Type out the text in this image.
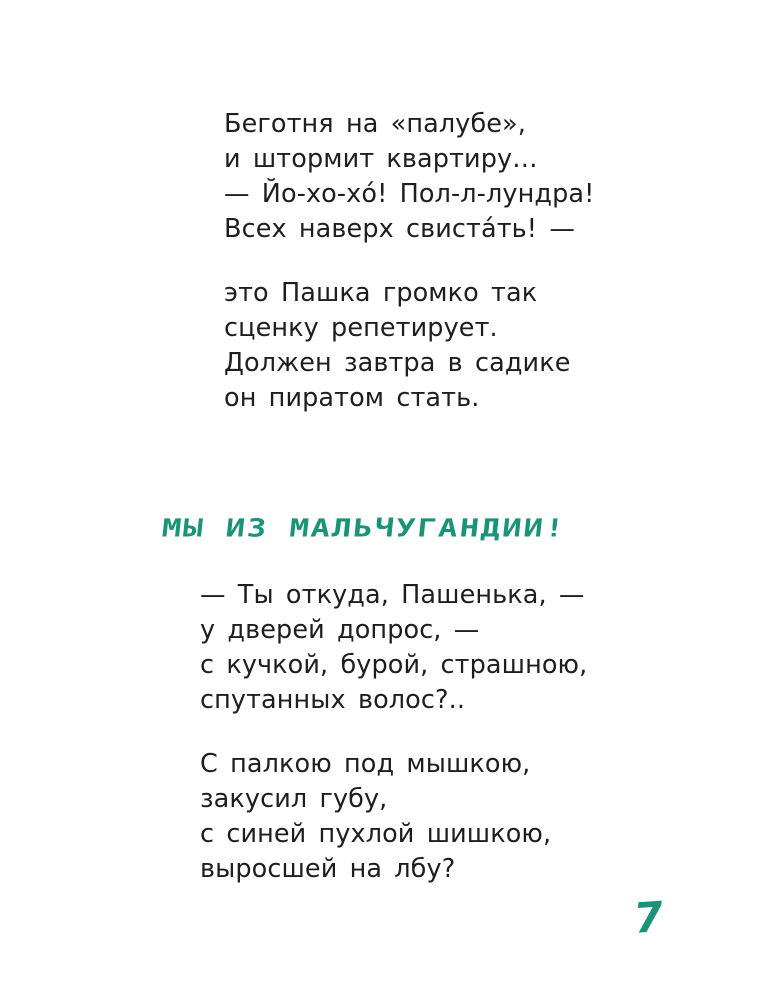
Беготня на «палубе»,
и штормит квартиру…
— Йо-хо-хо́! Пол-л-лундра!
Всех наверх свиста́ть! —
это Пашка громко так
сценку репетирует.
Должен завтра в садике
он пиратом стать.
МЫ ИЗ МАЛЬЧУГАНДИИ!
— Ты откуда, Пашенька, —
у дверей допрос, —
с кучкой, бурой, страшною,
спутанных волос?..
С палкою под мышкою,
закусил губу,
с синей пухлой шишкою,
выросшей на лбу?
7
